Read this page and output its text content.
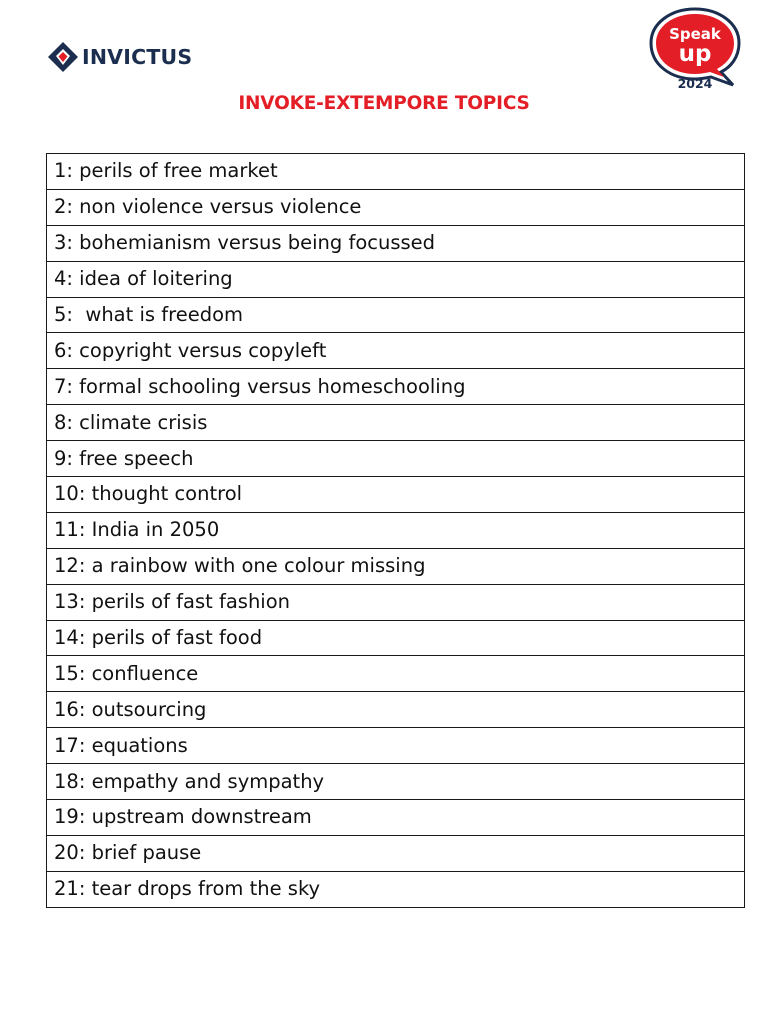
INVICTUS
Speak
up
2024
INVOKE-EXTEMPORE TOPICS
1: perils of free market
2: non violence versus violence
3: bohemianism versus being focussed
4: idea of loitering
5:  what is freedom
6: copyright versus copyleft
7: formal schooling versus homeschooling
8: climate crisis
9: free speech
10: thought control
11: India in 2050
12: a rainbow with one colour missing
13: perils of fast fashion
14: perils of fast food
15: confluence
16: outsourcing
17: equations
18: empathy and sympathy
19: upstream downstream
20: brief pause
21: tear drops from the sky
